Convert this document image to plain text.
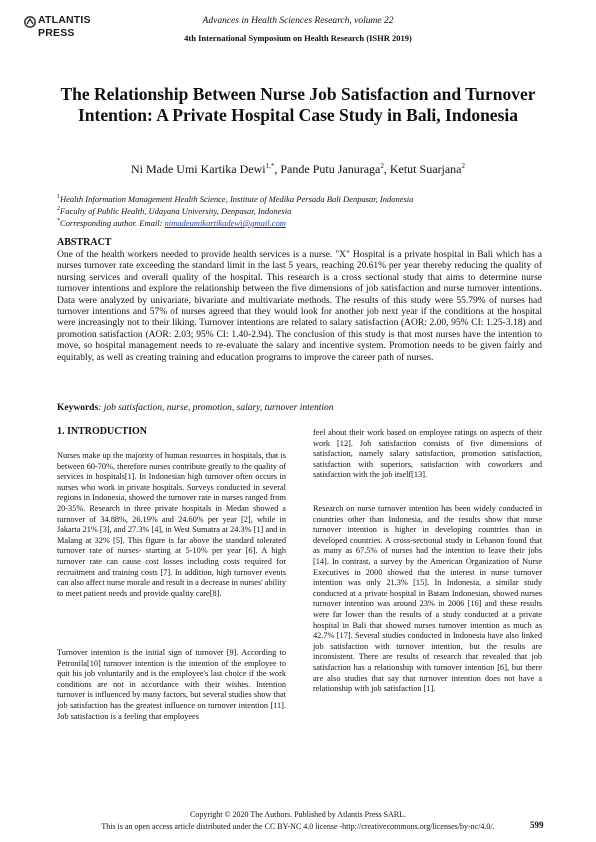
ATLANTIS
PRESS
Advances in Health Sciences Research, volume 22
4th International Symposium on Health Research (ISHR 2019)
The Relationship Between Nurse Job Satisfaction and Turnover Intention: A Private Hospital Case Study in Bali, Indonesia
Ni Made Umi Kartika Dewi$^{1,*}$, Pande Putu Januraga$^2$, Ketut Suarjana$^2$
$^1$Health Information Management Health Science, Institute of Medika Persada Bali Denpasar, Indonesia
$^2$Faculty of Public Health, Udayana University, Denpasar, Indonesia
*Corresponding author. Email: nimadeumikartikadewi@gmail.com
ABSTRACT

One of the health workers needed to provide health services is a nurse. "X" Hospital is a private hospital in Bali which has a nurses turnover rate exceeding the standard limit in the last 5 years, reaching 20.61% per year thereby reducing the quality of nursing services and overall quality of the hospital. This research is a cross sectional study that aims to determine nurse turnover intentions and explore the relationship between the five dimensions of job satisfaction and nurse turnover intentions. Data were analyzed by univariate, bivariate and multivariate methods. The results of this study were 55.79% of nurses had turnover intentions and 57% of nurses agreed that they would look for another job next year if the conditions at the hospital were increasingly not to their liking. Turnover intentions are related to salary satisfaction (AOR: 2.00, 95% CI: 1.25-3.18) and promotion satisfaction (AOR: 2.03; 95% CI: 1.40-2.94). The conclusion of this study is that most nurses have the intention to move, so hospital management needs to re-evaluate the salary and incentive system. Promotion needs to be given fairly and equitably, as well as creating training and education programs to improve the career path of nurses.

Keywords: job satisfaction, nurse, promotion, salary, turnover intention
1. INTRODUCTION

Nurses make up the majority of human resources in hospitals, that is between 60-70%, therefore nurses contribute greatly to the quality of services in hospitals[1]. In Indonesian high turnover often occurs in nurses who work in private hospitals. Surveys conducted in several regions in Indonesia, showed the turnover rate in nurses ranged from 20-35%. Research in three private hospitals in Medan showed a turnover of 34.88%, 26.19% and 24.60% per year [2], while in Jakarta 21% [3], and 27.3% [4], in West Sumatra at 24.3% [1] and in Malang at 32% [5]. This figure is far above the standard tolerated turnover rate of nurses- starting at 5-10% per year [6]. A high turnover rate can cause cost losses including costs required for recruitment and training costs [7]. In addition, high turnover events can also affect nurse morale and result in a decrease in nurses' ability to meet patient needs and provide quality care[8].

Turnover intention is the initial sign of turnover [9]. According to Petronila[10] turnover intention is the intention of the employee to quit his job voluntarily and is the employee's last choice if the work conditions are not in accordance with their wishes. Intention turnover is influenced by many factors, but several studies show that job satisfaction has the greatest influence on turnover intention [11]. Job satisfaction is a feeling that employees

feel about their work based on employee ratings on aspects of their work [12]. Job satisfaction consists of five dimensions of satisfaction, namely salary satisfaction, promotion satisfaction, satisfaction with superiors, satisfaction with coworkers and satisfaction with the job itself[13].

Research on nurse turnover intention has been widely conducted in countries other than Indonesia, and the results show that nurse turnover intention is higher in developing countries than in developed countries. A cross-sectional study in Lebanon found that as many as 67.5% of nurses had the intention to leave their jobs [14]. In contrast, a survey by the American Organization of Nurse Executives in 2000 showed that the interest in nurse turnover intention was only 21.3% [15]. In Indonesia, a similar study conducted at a private hospital in Batam Indonesian, showed nurses turnover intention was around 23% in 2006 [16] and these results were far lower than the results of a study conducted at a private hospital in Bali that showed nurses turnover intention as much as 42.7% [17]. Several studies conducted in Indonesia have also linked job satisfaction with turnover intention, but the results are inconsistent. There are results of research that revealed that job satisfaction has a relationship with turnover intention [6], but there are also studies that say that turnover intention does not have a relationship with job satisfaction [1].

Copyright © 2020 The Authors. Published by Atlantis Press SARL.
This is an open access article distributed under the CC BY-NC 4.0 license -http://creativecommons.org/licenses/by-nc/4.0/.	599
